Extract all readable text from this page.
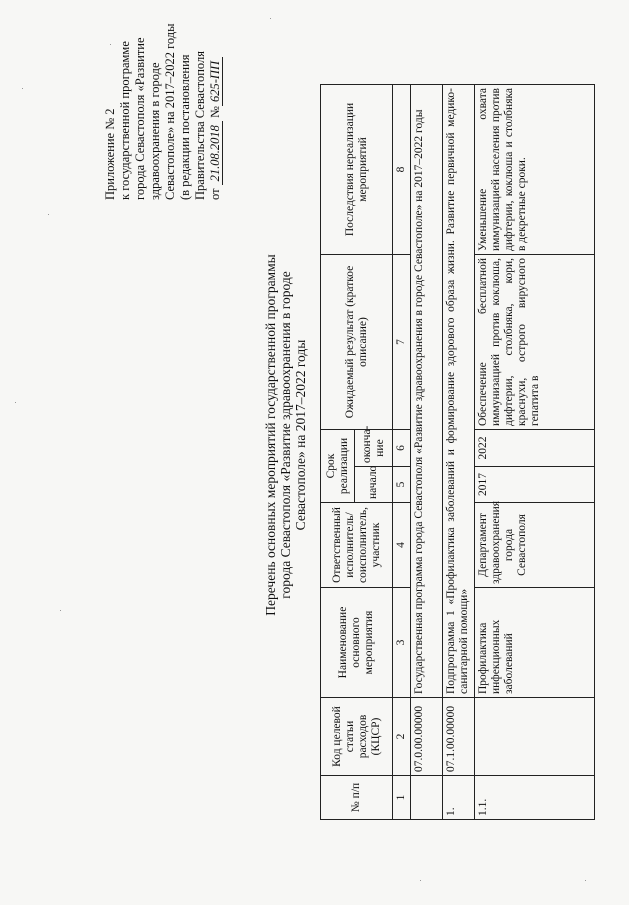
Приложение № 2 к государственной программе города Севастополя «Развитие здравоохранения в городе Севастополе» на 2017–2022 годы (в редакции постановления Правительства Севастополя от 21.08.2018 №625-ПП
Перечень основных мероприятий государственной программы города Севастополя «Развитие здравоохранения в городе Севастополе» на 2017–2022 годы
№ п/п	Код целевой статьи расходов (КЦСР)	Наименование основного мероприятия	Ответственный исполнитель/ соисполнитель, участник	Срок реализации		Ожидаемый результат (краткое описание)	Последствия нереализации мероприятий
				начало	оконча-ние		
1	2	3	4	5	6	7	8
	07.0.00.00000	Государственная программа города Севастополя «Развитие здравоохранения в городе Севастополе» на 2017–2022 годы					
1.	07.1.00.00000	Подпрограмма 1 «Профилактика заболеваний и формирование здорового образа жизни. Развитие первичной медико-санитарной помощи»					
1.1.		Профилактика инфекционных заболеваний	Департамент здравоохранения города Севастополя	2017	2022	Обеспечение бесплатной иммунизацией против коклюша, дифтерии, столбняка, кори, краснухи, острого вирусного гепатита в	Уменьшение охвата иммунизацией населения против дифтерии, коклюша и столбняка в декретные сроки.
